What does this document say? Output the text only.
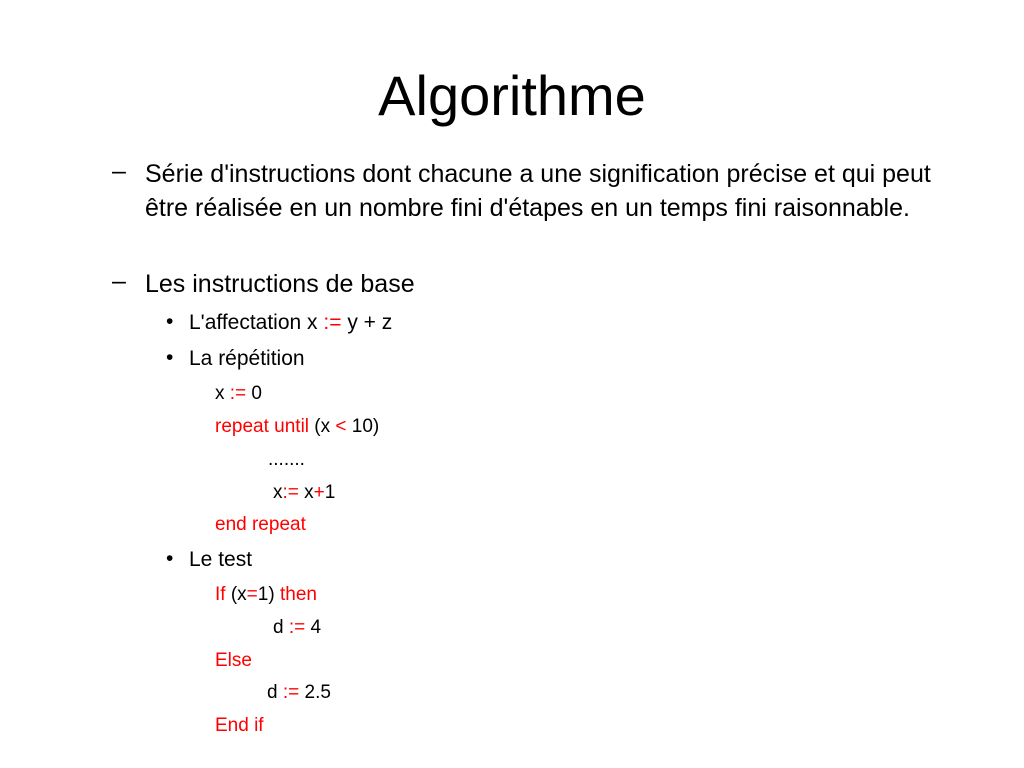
Algorithme
– Série d'instructions dont chacune a une signification précise et qui peut être réalisée en un nombre fini d'étapes en un temps fini raisonnable.
– Les instructions de base
• L'affectation x := y + z
• La répétition
x := 0
repeat until (x < 10)
.......
x:= x+1
end repeat
• Le test
If (x=1) then
d := 4
Else
d := 2.5
End if
